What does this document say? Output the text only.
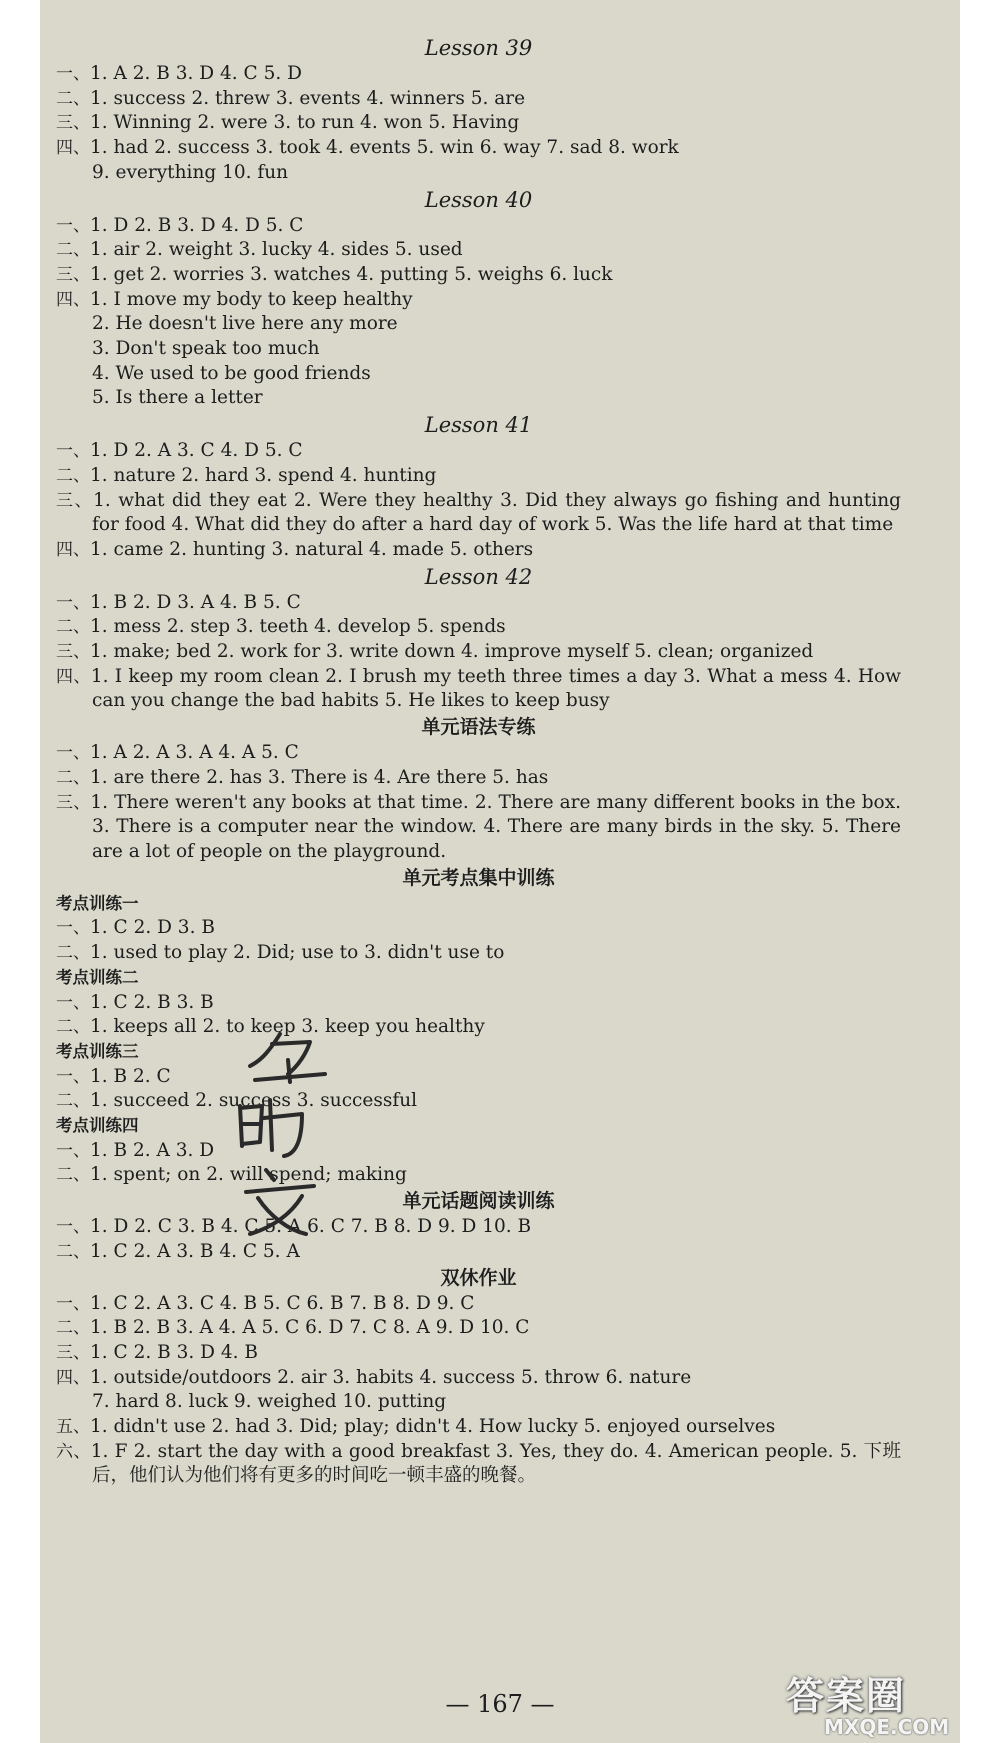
Lesson 39
一、1. A 2. B 3. D 4. C 5. D
二、1. success 2. threw 3. events 4. winners 5. are
三、1. Winning 2. were 3. to run 4. won 5. Having
四、1. had 2. success 3. took 4. events 5. win 6. way 7. sad 8. work
9. everything 10. fun
Lesson 40
一、1. D 2. B 3. D 4. D 5. C
二、1. air 2. weight 3. lucky 4. sides 5. used
三、1. get 2. worries 3. watches 4. putting 5. weighs 6. luck
四、1. I move my body to keep healthy
2. He doesn't live here any more
3. Don't speak too much
4. We used to be good friends
5. Is there a letter
Lesson 41
一、1. D 2. A 3. C 4. D 5. C
二、1. nature 2. hard 3. spend 4. hunting
三、1. what did they eat 2. Were they healthy 3. Did they always go fishing and hunting for food 4. What did they do after a hard day of work 5. Was the life hard at that time
四、1. came 2. hunting 3. natural 4. made 5. others
Lesson 42
一、1. B 2. D 3. A 4. B 5. C
二、1. mess 2. step 3. teeth 4. develop 5. spends
三、1. make; bed 2. work for 3. write down 4. improve myself 5. clean; organized
四、1. I keep my room clean 2. I brush my teeth three times a day 3. What a mess 4. How can you change the bad habits 5. He likes to keep busy
单元语法专练
一、1. A 2. A 3. A 4. A 5. C
二、1. are there 2. has 3. There is 4. Are there 5. has
三、1. There weren't any books at that time. 2. There are many different books in the box. 3. There is a computer near the window. 4. There are many birds in the sky. 5. There are a lot of people on the playground.
单元考点集中训练
考点训练一
一、1. C 2. D 3. B
二、1. used to play 2. Did; use to 3. didn't use to
考点训练二
一、1. C 2. B 3. B
二、1. keeps all 2. to keep 3. keep you healthy
考点训练三
一、1. B 2. C
二、1. succeed 2. success 3. successful
考点训练四
一、1. B 2. A 3. D
二、1. spent; on 2. will spend; making
单元话题阅读训练
一、1. D 2. C 3. B 4. C 5. A 6. C 7. B 8. D 9. D 10. B
二、1. C 2. A 3. B 4. C 5. A
双休作业
一、1. C 2. A 3. C 4. B 5. C 6. B 7. B 8. D 9. C
二、1. B 2. B 3. A 4. A 5. C 6. D 7. C 8. A 9. D 10. C
三、1. C 2. B 3. D 4. B
四、1. outside/outdoors 2. air 3. habits 4. success 5. throw 6. nature
7. hard 8. luck 9. weighed 10. putting
五、1. didn't use 2. had 3. Did; play; didn't 4. How lucky 5. enjoyed ourselves
六、1. F 2. start the day with a good breakfast 3. Yes, they do. 4. American people. 5. 下班后，他们认为他们将有更多的时间吃一顿丰盛的晚餐。
— 167 —	答案圈
MXQE.COM
